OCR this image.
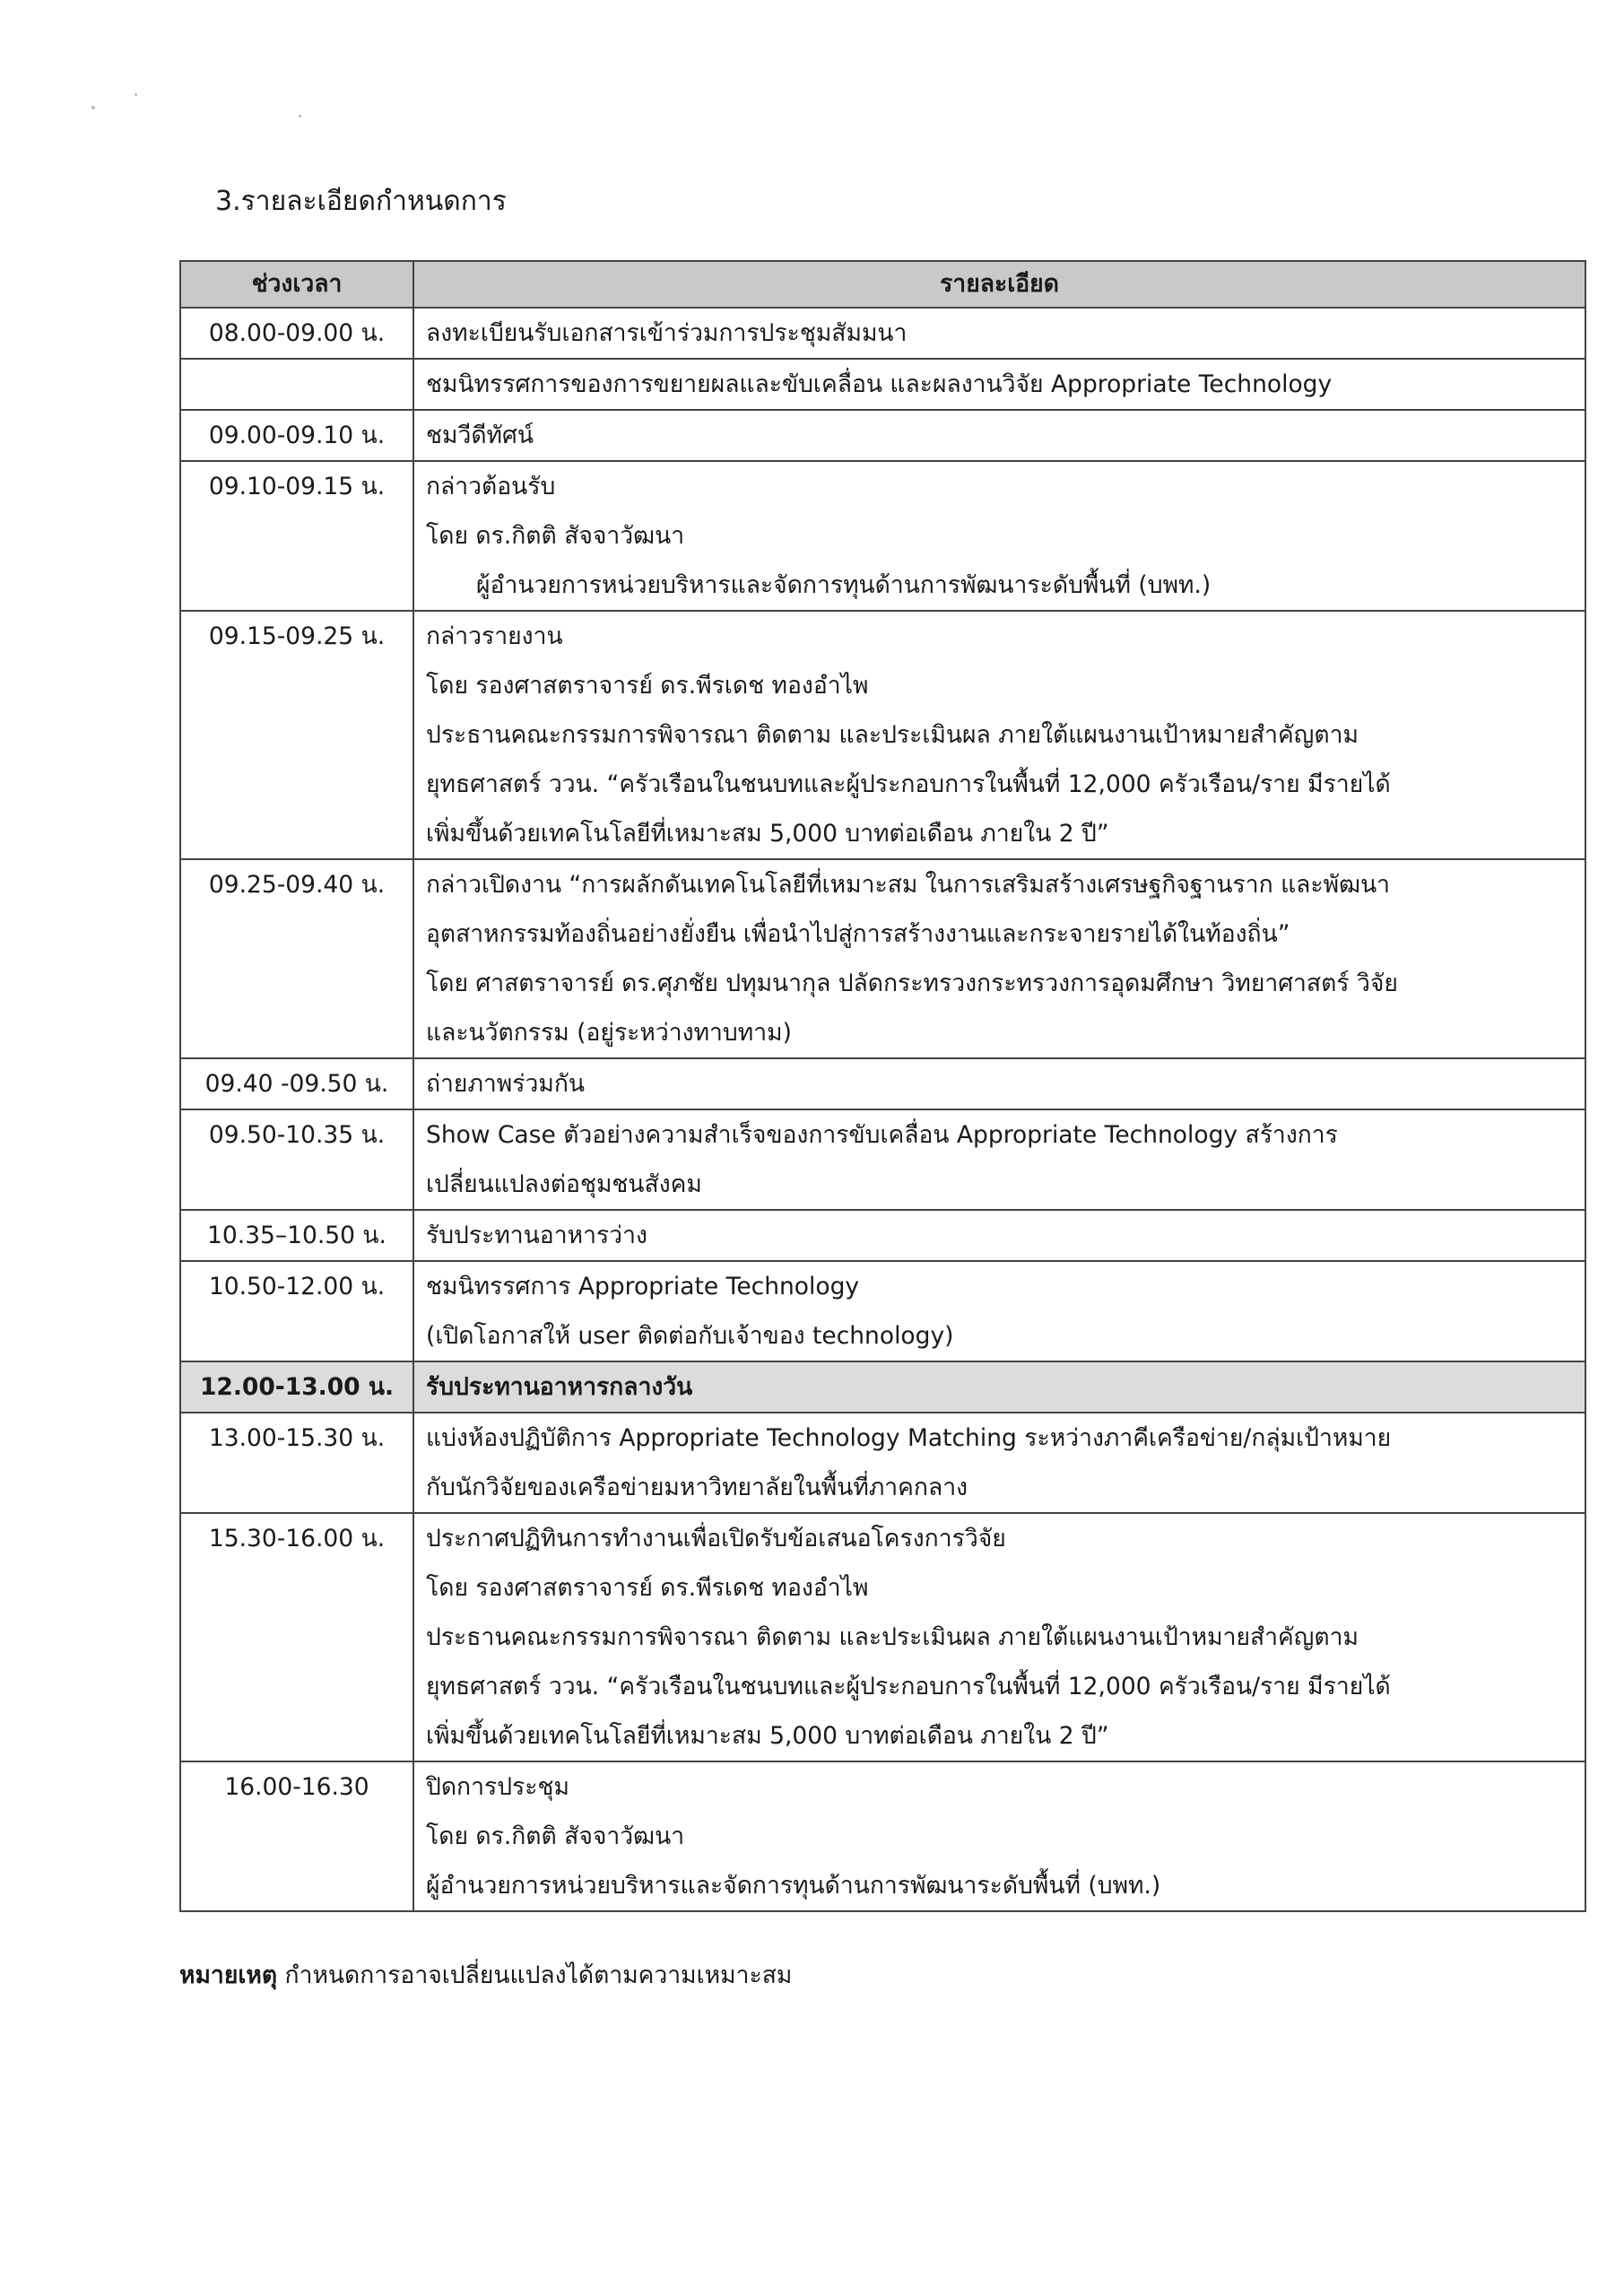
3.รายละเอียดกำหนดการ
ช่วงเวลา	รายละเอียด
08.00-09.00 น.	ลงทะเบียนรับเอกสารเข้าร่วมการประชุมสัมมนา

	ชมนิทรรศการของการขยายผลและขับเคลื่อน และผลงานวิจัย Appropriate Technology

09.00-09.10 น.	ชมวีดีทัศน์

09.10-09.15 น.	กล่าวต้อนรับ
โดย ดร.กิตติ สัจจาวัฒนา
ผู้อำนวยการหน่วยบริหารและจัดการทุนด้านการพัฒนาระดับพื้นที่ (บพท.)

09.15-09.25 น.	กล่าวรายงาน
โดย รองศาสตราจารย์ ดร.พีรเดช ทองอำไพ
ประธานคณะกรรมการพิจารณา ติดตาม และประเมินผล ภายใต้แผนงานเป้าหมายสำคัญตาม
ยุทธศาสตร์ ววน. “ครัวเรือนในชนบทและผู้ประกอบการในพื้นที่ 12,000 ครัวเรือน/ราย มีรายได้
เพิ่มขึ้นด้วยเทคโนโลยีที่เหมาะสม 5,000 บาทต่อเดือน ภายใน 2 ปี”

09.25-09.40 น.	กล่าวเปิดงาน “การผลักดันเทคโนโลยีที่เหมาะสม ในการเสริมสร้างเศรษฐกิจฐานราก และพัฒนา
อุตสาหกรรมท้องถิ่นอย่างยั่งยืน เพื่อนำไปสู่การสร้างงานและกระจายรายได้ในท้องถิ่น”
โดย ศาสตราจารย์ ดร.ศุภชัย ปทุมนากุล ปลัดกระทรวงกระทรวงการอุดมศึกษา วิทยาศาสตร์ วิจัย
และนวัตกรรม (อยู่ระหว่างทาบทาม)

09.40 -09.50 น.	ถ่ายภาพร่วมกัน

09.50-10.35 น.	Show Case ตัวอย่างความสำเร็จของการขับเคลื่อน Appropriate Technology สร้างการ
เปลี่ยนแปลงต่อชุมชนสังคม

10.35–10.50 น.	รับประทานอาหารว่าง

10.50-12.00 น.	ชมนิทรรศการ Appropriate Technology
(เปิดโอกาสให้ user ติดต่อกับเจ้าของ technology)

12.00-13.00 น.	รับประทานอาหารกลางวัน

13.00-15.30 น.	แบ่งห้องปฏิบัติการ Appropriate Technology Matching ระหว่างภาคีเครือข่าย/กลุ่มเป้าหมาย
กับนักวิจัยของเครือข่ายมหาวิทยาลัยในพื้นที่ภาคกลาง

15.30-16.00 น.	ประกาศปฏิทินการทำงานเพื่อเปิดรับข้อเสนอโครงการวิจัย
โดย รองศาสตราจารย์ ดร.พีรเดช ทองอำไพ
ประธานคณะกรรมการพิจารณา ติดตาม และประเมินผล ภายใต้แผนงานเป้าหมายสำคัญตาม
ยุทธศาสตร์ ววน. “ครัวเรือนในชนบทและผู้ประกอบการในพื้นที่ 12,000 ครัวเรือน/ราย มีรายได้
เพิ่มขึ้นด้วยเทคโนโลยีที่เหมาะสม 5,000 บาทต่อเดือน ภายใน 2 ปี”

16.00-16.30	ปิดการประชุม
โดย ดร.กิตติ สัจจาวัฒนา
ผู้อำนวยการหน่วยบริหารและจัดการทุนด้านการพัฒนาระดับพื้นที่ (บพท.)
หมายเหตุ กำหนดการอาจเปลี่ยนแปลงได้ตามความเหมาะสม
